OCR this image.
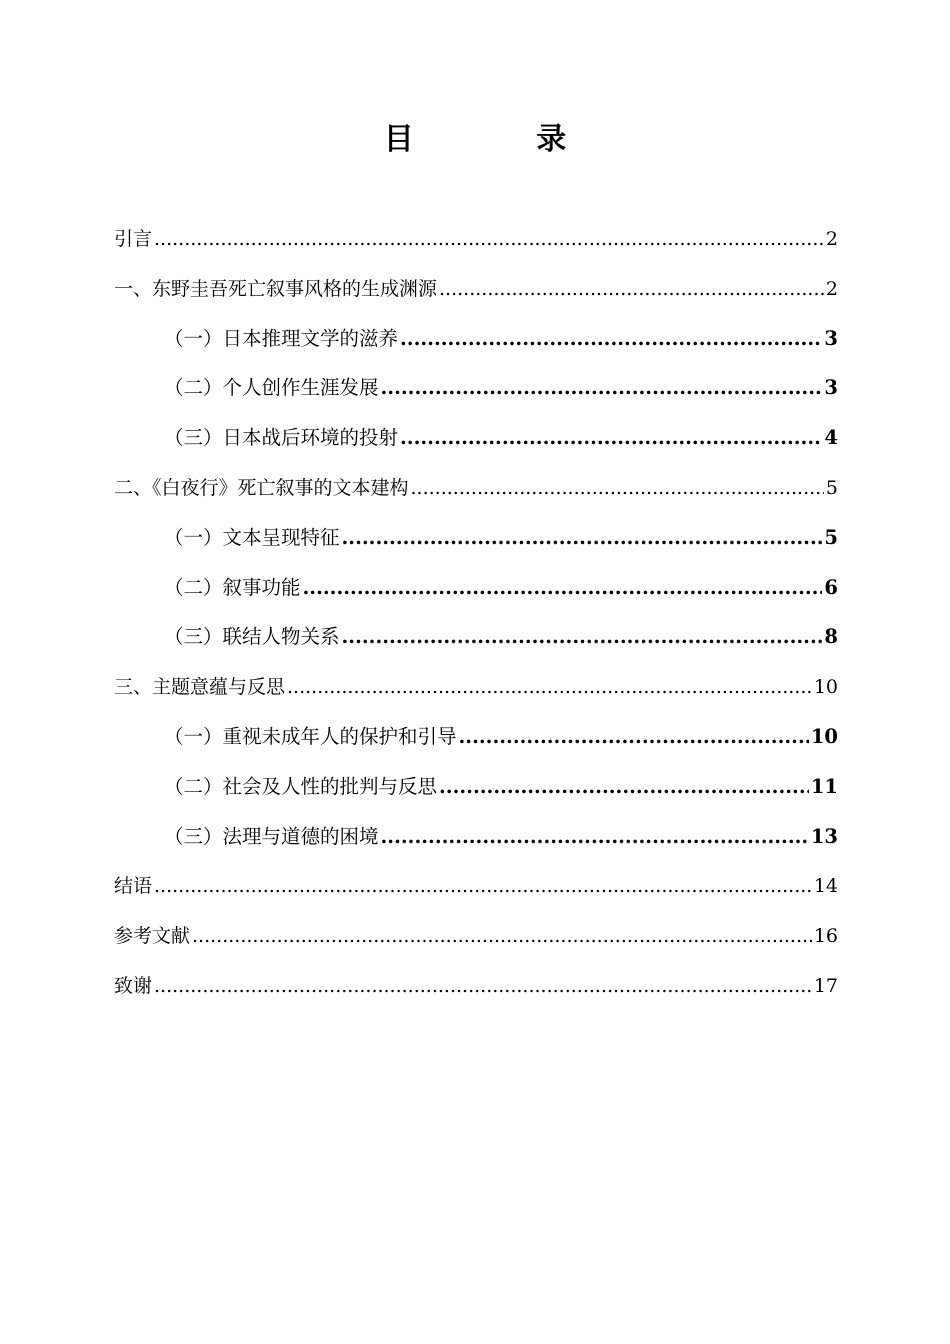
目 录
引言 .....	2
一、东野圭吾死亡叙事风格的生成渊源 .....	2
（一）日本推理文学的滋养 .....	3
（二）个人创作生涯发展 .....	3
（三）日本战后环境的投射 .....	4
二、《白夜行》死亡叙事的文本建构 .....	5
（一）文本呈现特征 .....	5
（二）叙事功能 .....	6
（三）联结人物关系 .....	8
三、主题意蕴与反思 .....	10
（一）重视未成年人的保护和引导 .....	10
（二）社会及人性的批判与反思 .....	11
（三）法理与道德的困境 .....	13
结语 .....	14
参考文献 .....	16
致谢 .....	17
